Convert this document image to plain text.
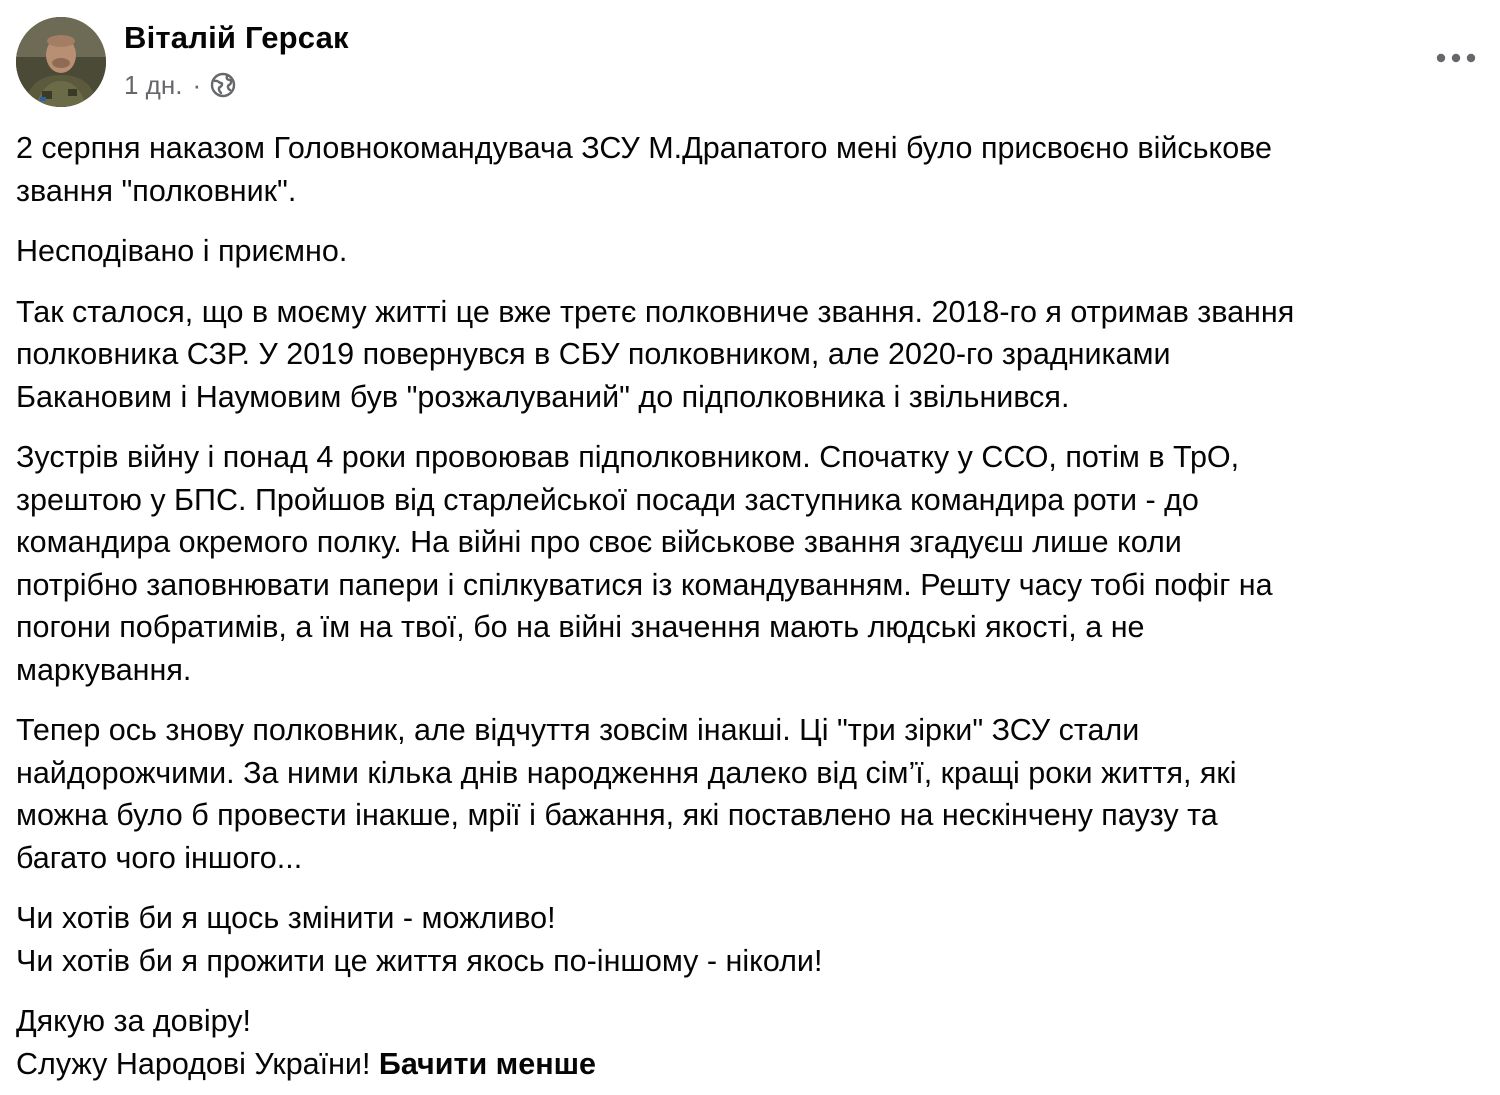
Віталій Герсак
1 дн. ·

2 серпня наказом Головнокомандувача ЗСУ М.Драпатого мені було присвоєно військове
звання "полковник".

Несподівано і приємно.

Так сталося, що в моєму житті це вже третє полковниче звання. 2018-го я отримав звання
полковника СЗР. У 2019 повернувся в СБУ полковником, але 2020-го зрадниками
Бакановим і Наумовим був "розжалуваний" до підполковника і звільнився.

Зустрів війну і понад 4 роки провоював підполковником. Спочатку у ССО, потім в ТрО,
зрештою у БПС. Пройшов від старлейської посади заступника командира роти - до
командира окремого полку. На війні про своє військове звання згадуєш лише коли
потрібно заповнювати папери і спілкуватися із командуванням. Решту часу тобі пофіг на
погони побратимів, а їм на твої, бо на війні значення мають людські якості, а не
маркування.

Тепер ось знову полковник, але відчуття зовсім інакші. Ці "три зірки" ЗСУ стали
найдорожчими. За ними кілька днів народження далеко від сім’ї, кращі роки життя, які
можна було б провести інакше, мрії і бажання, які поставлено на нескінчену паузу та
багато чого іншого...

Чи хотів би я щось змінити - можливо!
Чи хотів би я прожити це життя якось по-іншому - ніколи!

Дякую за довіру!
Служу Народові України! Бачити менше
